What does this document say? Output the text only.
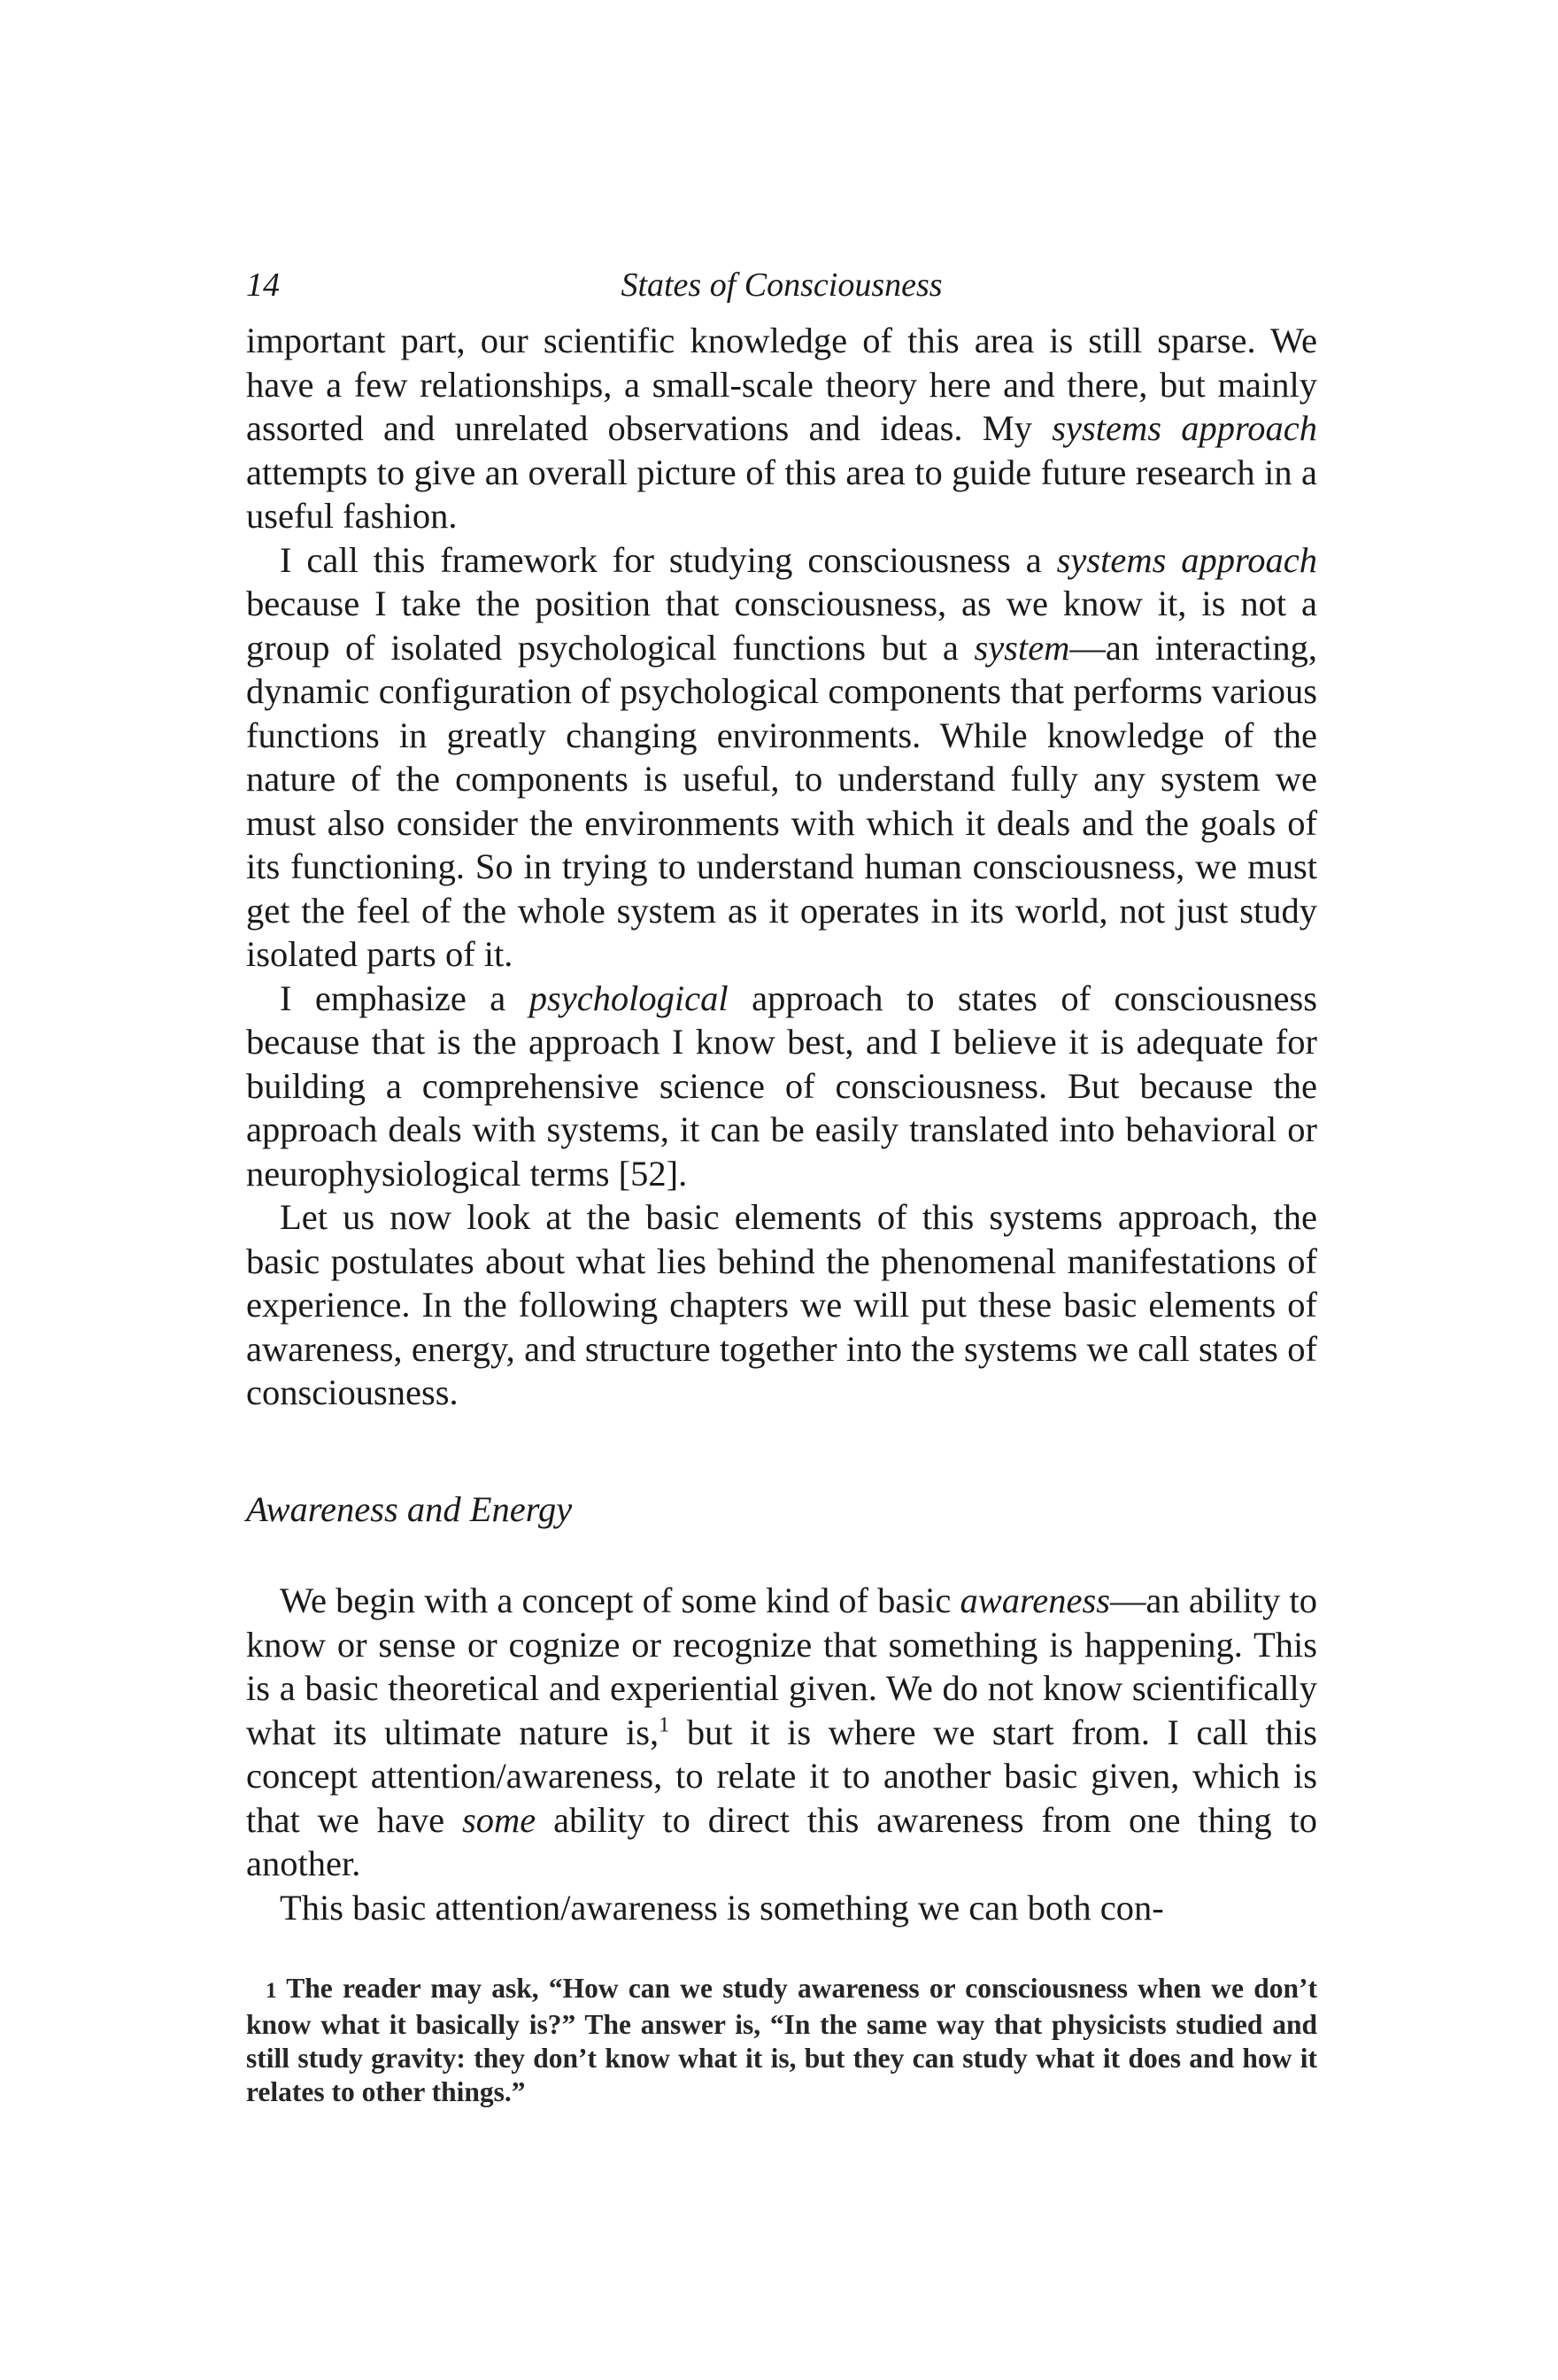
14	States of Consciousness

important part, our scientific knowledge of this area is still sparse. We have a few relationships, a small-scale theory here and there, but mainly assorted and unrelated observations and ideas. My systems approach attempts to give an overall picture of this area to guide future research in a useful fashion.

I call this framework for studying consciousness a systems approach because I take the position that consciousness, as we know it, is not a group of isolated psychological functions but a system—an interacting, dynamic configuration of psychological components that performs various functions in greatly changing environments. While knowledge of the nature of the components is useful, to understand fully any system we must also consider the environments with which it deals and the goals of its functioning. So in trying to understand human consciousness, we must get the feel of the whole system as it operates in its world, not just study isolated parts of it.

I emphasize a psychological approach to states of consciousness because that is the approach I know best, and I believe it is adequate for building a comprehensive science of consciousness. But because the approach deals with systems, it can be easily translated into behavioral or neurophysiological terms [52].

Let us now look at the basic elements of this systems approach, the basic postulates about what lies behind the phenomenal manifestations of experience. In the following chapters we will put these basic elements of awareness, energy, and structure together into the systems we call states of consciousness.

Awareness and Energy

We begin with a concept of some kind of basic awareness—an ability to know or sense or cognize or recognize that something is happening. This is a basic theoretical and experiential given. We do not know scientifically what its ultimate nature is,$^1$ but it is where we start from. I call this concept attention/awareness, to relate it to another basic given, which is that we have some ability to direct this awareness from one thing to another.

This basic attention/awareness is something we can both con-

1 The reader may ask, “How can we study awareness or consciousness when we don’t know what it basically is?” The answer is, “In the same way that physicists studied and still study gravity: they don’t know what it is, but they can study what it does and how it relates to other things.”
